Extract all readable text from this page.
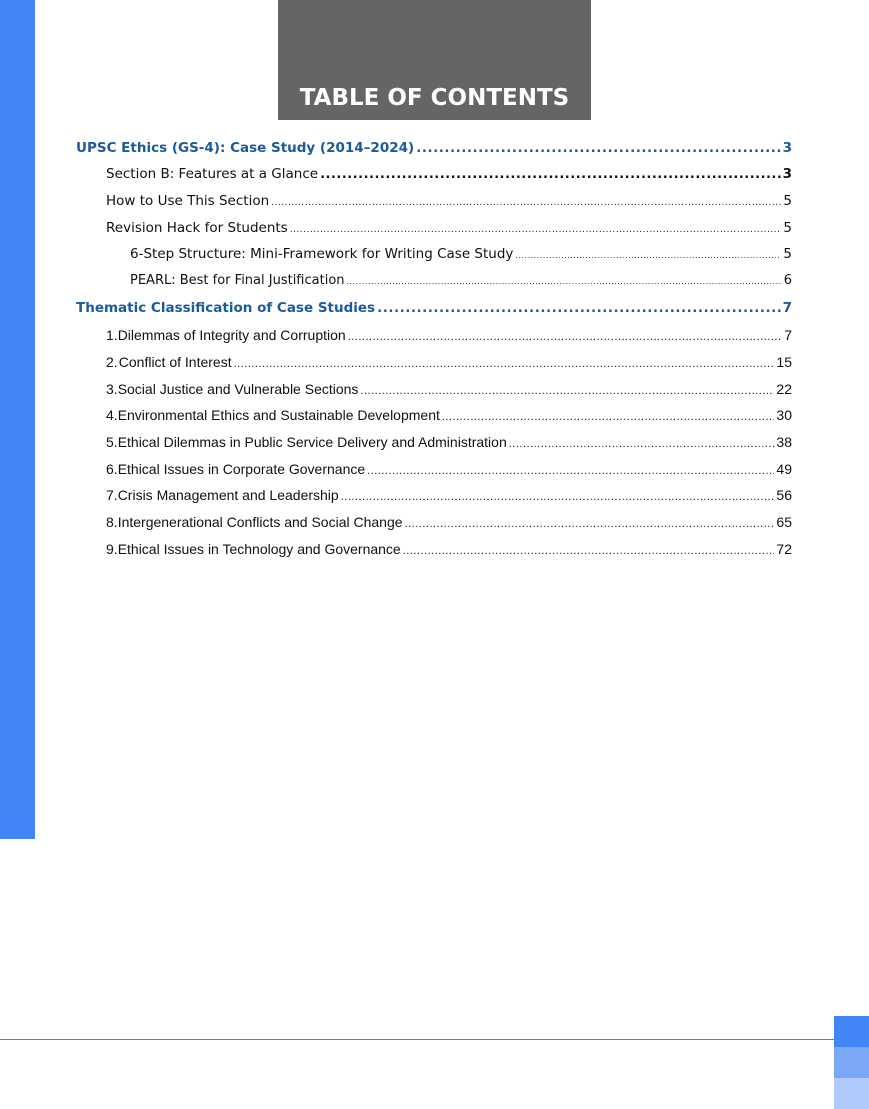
TABLE OF CONTENTS
UPSC Ethics (GS-4): Case Study (2014–2024) .....	3
Section B: Features at a Glance .....	3
How to Use This Section .....	5
Revision Hack for Students .....	5
6-Step Structure: Mini-Framework for Writing Case Study .....	5
PEARL: Best for Final Justification .....	6
Thematic Classification of Case Studies .....	7
1. Dilemmas of Integrity and Corruption .....	7
2. Conflict of Interest .....	15
3. Social Justice and Vulnerable Sections .....	22
4. Environmental Ethics and Sustainable Development .....	30
5. Ethical Dilemmas in Public Service Delivery and Administration .....	38
6. Ethical Issues in Corporate Governance .....	49
7. Crisis Management and Leadership .....	56
8. Intergenerational Conflicts and Social Change .....	65
9. Ethical Issues in Technology and Governance .....	72
